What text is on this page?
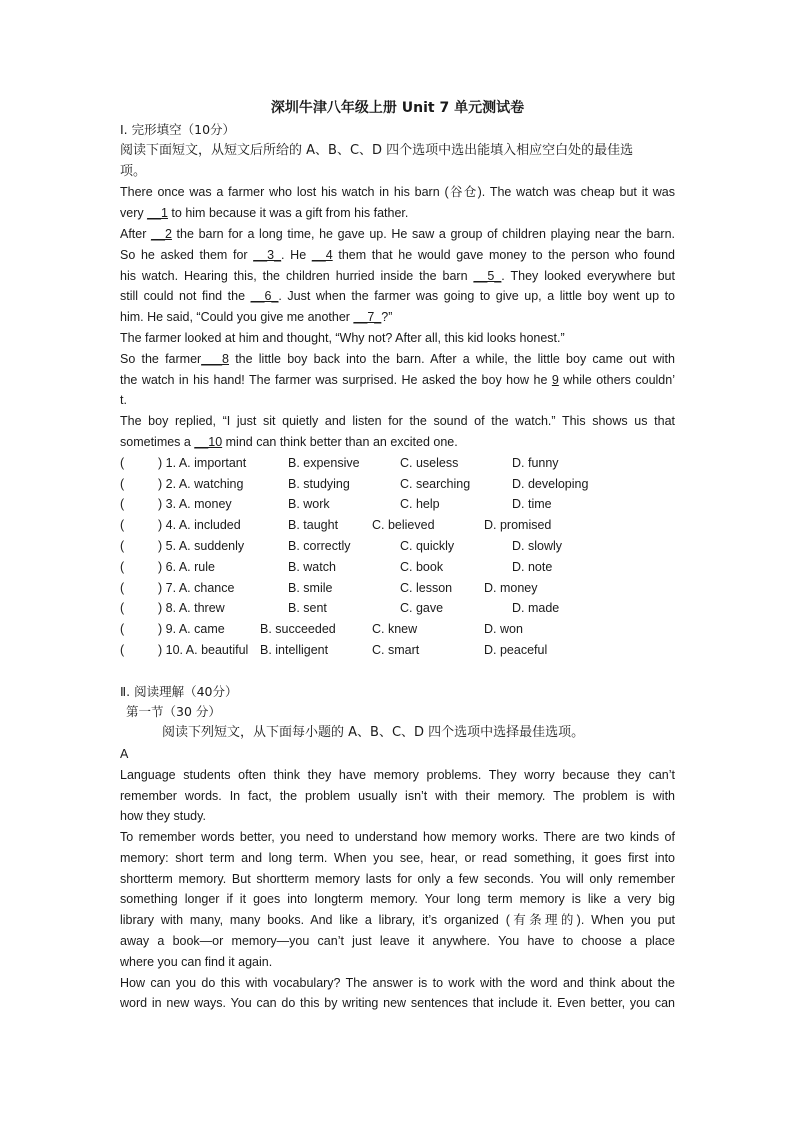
深圳牛津八年级上册 Unit 7 单元测试卷
Ⅰ. 完形填空（10分）
阅读下面短文，从短文后所给的 A、B、C、D 四个选项中选出能填入相应空白处的最佳选
项。
There once was a farmer who lost his watch in his barn (谷仓). The watch was cheap but it was
very __1 to him because it was a gift from his father.
After __2 the barn for a long time, he gave up. He saw a group of children playing near the barn.
So he asked them for __3_. He __4 them that he would gave money to the person who found
his watch. Hearing this, the children hurried inside the barn __5_. They looked everywhere but
still could not find the __6_. Just when the farmer was going to give up, a little boy went up to
him. He said, “Could you give me another __7_?”
The farmer looked at him and thought, “Why not? After all, this kid looks honest.”
So the farmer___8 the little boy back into the barn. After a while, the little boy came out with
the watch in his hand! The farmer was surprised. He asked the boy how he 9 while others couldn’
t.
The boy replied, “I just sit quietly and listen for the sound of the watch.” This shows us that
sometimes a __10 mind can think better than an excited one.
(	) 1. A. important	B. expensive	C. useless	D. funny
(	) 2. A. watching	B. studying	C. searching	D. developing
(	) 3. A. money	B. work	C. help	D. time
(	) 4. A. included	B. taught	C. believed	D. promised
(	) 5. A. suddenly	B. correctly	C. quickly	D. slowly
(	) 6. A. rule	B. watch	C. book	D. note
(	) 7. A. chance	B. smile	C. lesson	D. money
(	) 8. A. threw	B. sent	C. gave	D. made
(	) 9. A. came	B. succeeded	C. knew	D. won
(	) 10. A. beautiful B. intelligent	C. smart	D. peaceful
Ⅱ. 阅读理解（40分）
第一节（30 分）
阅读下列短文，从下面每小题的 A、B、C、D 四个选项中选择最佳选项。
A
Language students often think they have memory problems. They worry because they can’t
remember words. In fact, the problem usually isn’t with their memory. The problem is with
how they study.
To remember words better, you need to understand how memory works. There are two kinds of
memory: short term and long term. When you see, hear, or read something, it goes first into
shortterm memory. But shortterm memory lasts for only a few seconds. You will only remember
something longer if it goes into longterm memory. Your long term memory is like a very big
library with many, many books. And like a library, it’s organized (有条理的). When you put
away a book—or memory—you can’t just leave it anywhere. You have to choose a place
where you can find it again.
How can you do this with vocabulary? The answer is to work with the word and think about the
word in new ways. You can do this by writing new sentences that include it. Even better, you can
